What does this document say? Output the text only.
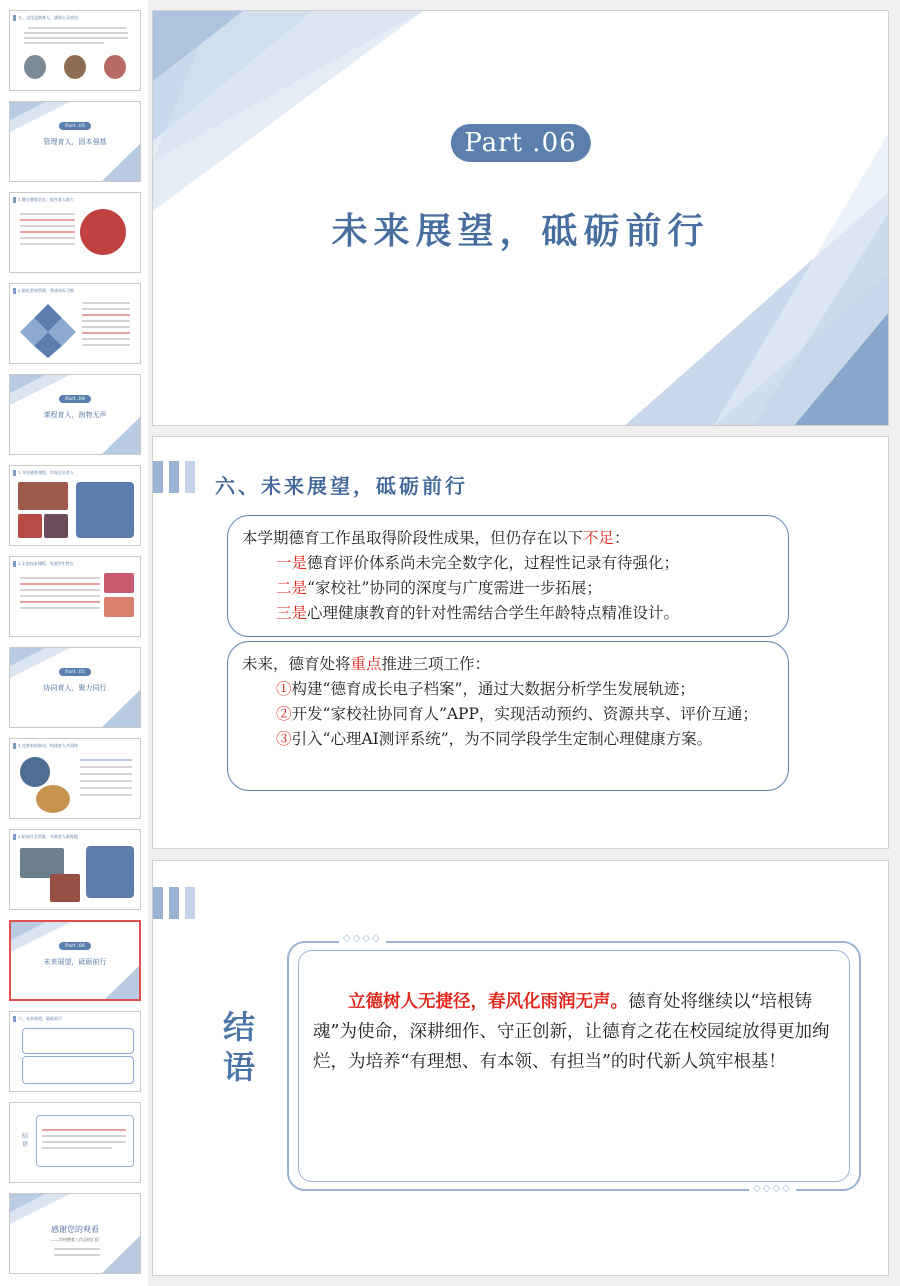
五、文化浸润育人，涵养心灵底色
Part .05
管理育人，固本强基
1.健全德育队伍，提升育人能力
2.细化常规管理，养成良好习惯
Part .04
课程育人，润物无声
1.开设德育课程，实现全员育人
2.丰富校本课程，发展学生特长
Part .05
协同育人，聚力同行
1.完善家校联动，构建育人共同体
2.拓展社会资源，开辟育人新阵地
Part .06
未来展望，砥砺前行
六、未来展望，砥砺前行
结语
感谢您的观看
——学校德育工作总结汇报
Part .06
未来展望，砥砺前行
六、未来展望，砥砺前行

本学期德育工作虽取得阶段性成果，但仍存在以下不足：

一是德育评价体系尚未完全数字化，过程性记录有待强化；

二是“家校社”协同的深度与广度需进一步拓展；

三是心理健康教育的针对性需结合学生年龄特点精准设计。

未来，德育处将重点推进三项工作：

①构建“德育成长电子档案”，通过大数据分析学生发展轨迹；

②开发“家校社协同育人”APP，实现活动预约、资源共享、评价互通；

③引入“心理AI测评系统”，为不同学段学生定制心理健康方案。

◇◇◇◇
◇◇◇◇
结语
立德树人无捷径，春风化雨润无声。德育处将继续以“培根铸魂”为使命，深耕细作、守正创新，让德育之花在校园绽放得更加绚烂，为培养“有理想、有本领、有担当”的时代新人筑牢根基！
